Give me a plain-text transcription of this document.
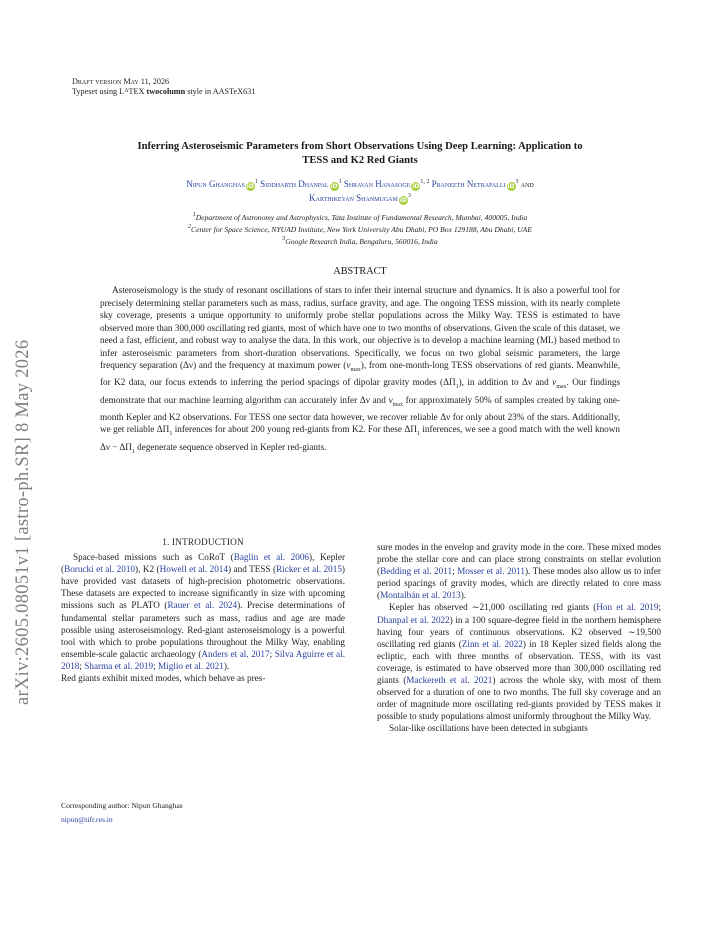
arXiv:2605.08051v1 [astro-ph.SR] 8 May 2026
Draft version May 11, 2026
Typeset using $L^ATEX$ twocolumn style in AASTeX631
Inferring Asteroseismic Parameters from Short Observations Using Deep Learning: Application to
TESS and K2 Red Giants
Nipun Ghanghas $iD^1$ Siddharth Dhanpal $iD^1$ Shravan Hanasoge iD$^{1, 2}$ Praneeth Netrapalli $iD^3$ and
Karthikeyan Shanmugam $iD^3$
$^1$Department of Astronomy and Astrophysics, Tata Institute of Fundamental Research, Mumbai, 400005, India
$^2$Center for Space Science, NYUAD Institute, New York University Abu Dhabi, PO Box 129188, Abu Dhabi, UAE
$^3$Google Research India, Bengaluru, 560016, India
ABSTRACT
Asteroseismology is the study of resonant oscillations of stars to infer their internal structure and dynamics. It is also a powerful tool for precisely determining stellar parameters such as mass, radius, surface gravity, and age. The ongoing TESS mission, with its nearly complete sky coverage, presents a unique opportunity to uniformly probe stellar populations across the Milky Way. TESS is estimated to have observed more than 300,000 oscillating red giants, most of which have one to two months of observations. Given the scale of this dataset, we need a fast, efficient, and robust way to analyse the data. In this work, our objective is to develop a machine learning (ML) based method to infer asteroseismic parameters from short-duration observations. Specifically, we focus on two global seismic parameters, the large frequency separation (Δν) and the frequency at maximum power $(\nu_{max})$, from one-month-long TESS observations of red giants. Meanwhile, for K2 data, our focus extends to inferring the period spacings of dipolar gravity modes $(\Delta\Pi_1)$, in addition to Δν and $\nu_{max}$. Our findings demonstrate that our machine learning algorithm can accurately infer Δν and $\nu_{max}$ for approximately 50% of samples created by taking one-month Kepler and K2 observations. For TESS one sector data however, we recover reliable Δν for only about 23% of the stars. Additionally, we get reliable $\Delta\Pi_1$ inferences for about 200 young red-giants from K2. For these $\Delta\Pi_1$ inferences, we see a good match with the well known $\Delta\nu - \Delta\Pi_1$ degenerate sequence observed in Kepler red-giants.
1. INTRODUCTION

Space-based missions such as CoRoT (Baglin et al. 2006), Kepler (Borucki et al. 2010), K2 (Howell et al. 2014) and TESS (Ricker et al. 2015) have provided vast datasets of high-precision photometric observations. These datasets are expected to increase significantly in size with upcoming missions such as PLATO (Rauer et al. 2024). Precise determinations of fundamental stellar parameters such as mass, radius and age are made possible using asteroseismology. Red-giant asteroseismology is a powerful tool with which to probe populations throughout the Milky Way, enabling ensemble-scale galactic archaeology (Anders et al. 2017; Silva Aguirre et al. 2018; Sharma et al. 2019; Miglio et al. 2021).

Red giants exhibit mixed modes, which behave as pres-

sure modes in the envelop and gravity mode in the core. These mixed modes probe the stellar core and can place strong constraints on stellar evolution (Bedding et al. 2011; Mosser et al. 2011). These modes also allow us to infer period spacings of gravity modes, which are directly related to core mass (Montalbán et al. 2013).

Kepler has observed ∼21,000 oscillating red giants (Hon et al. 2019; Dhanpal et al. 2022) in a 100 square-degree field in the northern hemisphere having four years of continuous observations. K2 observed ∼19,500 oscillating red giants (Zinn et al. 2022) in 18 Kepler sized fields along the ecliptic, each with three months of observation. TESS, with its vast coverage, is estimated to have observed more than 300,000 oscillating red giants (Mackereth et al. 2021) across the whole sky, with most of them observed for a duration of one to two months. The full sky coverage and an order of magnitude more oscillating red-giants provided by TESS makes it possible to study populations almost uniformly throughout the Milky Way.

Solar-like oscillations have been detected in subgiants

Corresponding author: Nipun Ghanghas
nipun@tifr.res.in
